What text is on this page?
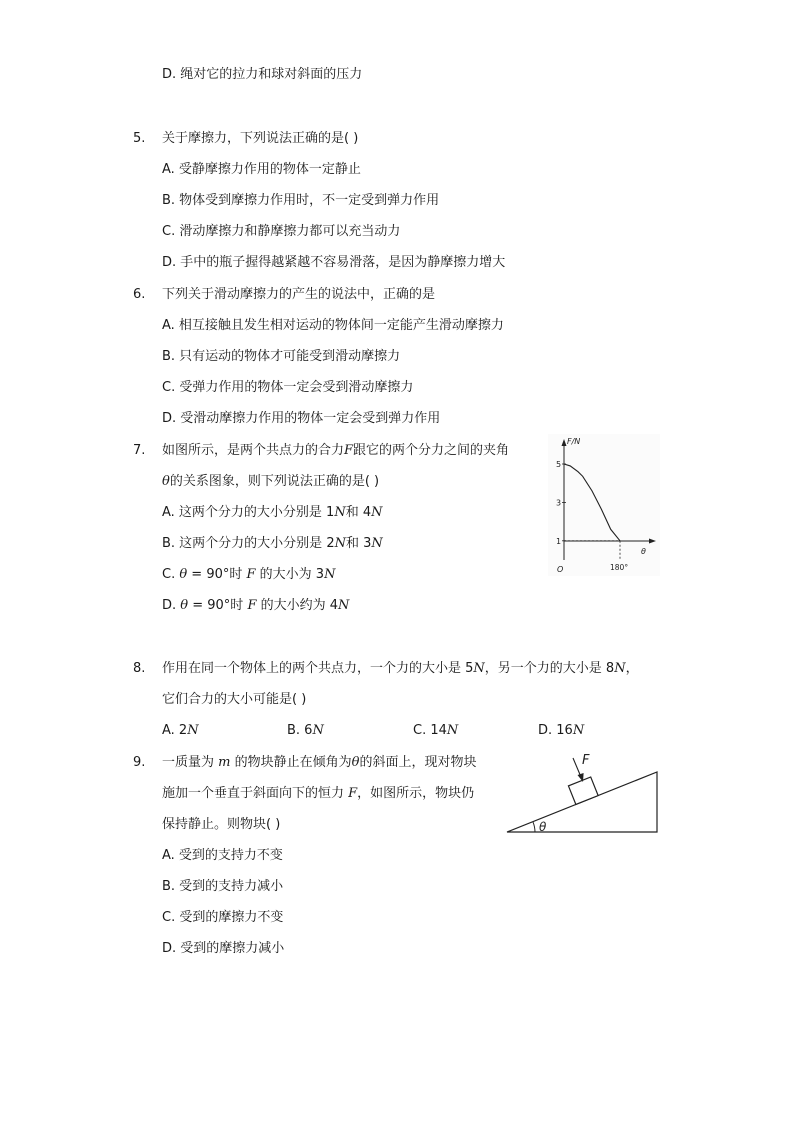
D. 绳对它的拉力和球对斜面的压力
5. 关于摩擦力，下列说法正确的是( )
A. 受静摩擦力作用的物体一定静止
B. 物体受到摩擦力作用时，不一定受到弹力作用
C. 滑动摩擦力和静摩擦力都可以充当动力
D. 手中的瓶子握得越紧越不容易滑落，是因为静摩擦力增大
6. 下列关于滑动摩擦力的产生的说法中，正确的是
A. 相互接触且发生相对运动的物体间一定能产生滑动摩擦力
B. 只有运动的物体才可能受到滑动摩擦力
C. 受弹力作用的物体一定会受到滑动摩擦力
D. 受滑动摩擦力作用的物体一定会受到弹力作用
7. 如图所示，是两个共点力的合力F跟它的两个分力之间的夹角
θ的关系图象，则下列说法正确的是( )
A. 这两个分力的大小分别是 1N和 4N
B. 这两个分力的大小分别是 2N和 3N
C. θ = 90°时 F 的大小为 3N
D. θ = 90°时 F 的大小约为 4N
F/N
θ
O
5
3
1
180°
8. 作用在同一个物体上的两个共点力，一个力的大小是 5N，另一个力的大小是 8N，
它们合力的大小可能是( )
A. 2N	B. 6N	C. 14N	D. 16N
9. 一质量为 m 的物块静止在倾角为θ的斜面上，现对物块
施加一个垂直于斜面向下的恒力 F，如图所示，物块仍
保持静止。则物块( )
A. 受到的支持力不变
B. 受到的支持力减小
C. 受到的摩擦力不变
D. 受到的摩擦力减小
F
θ
